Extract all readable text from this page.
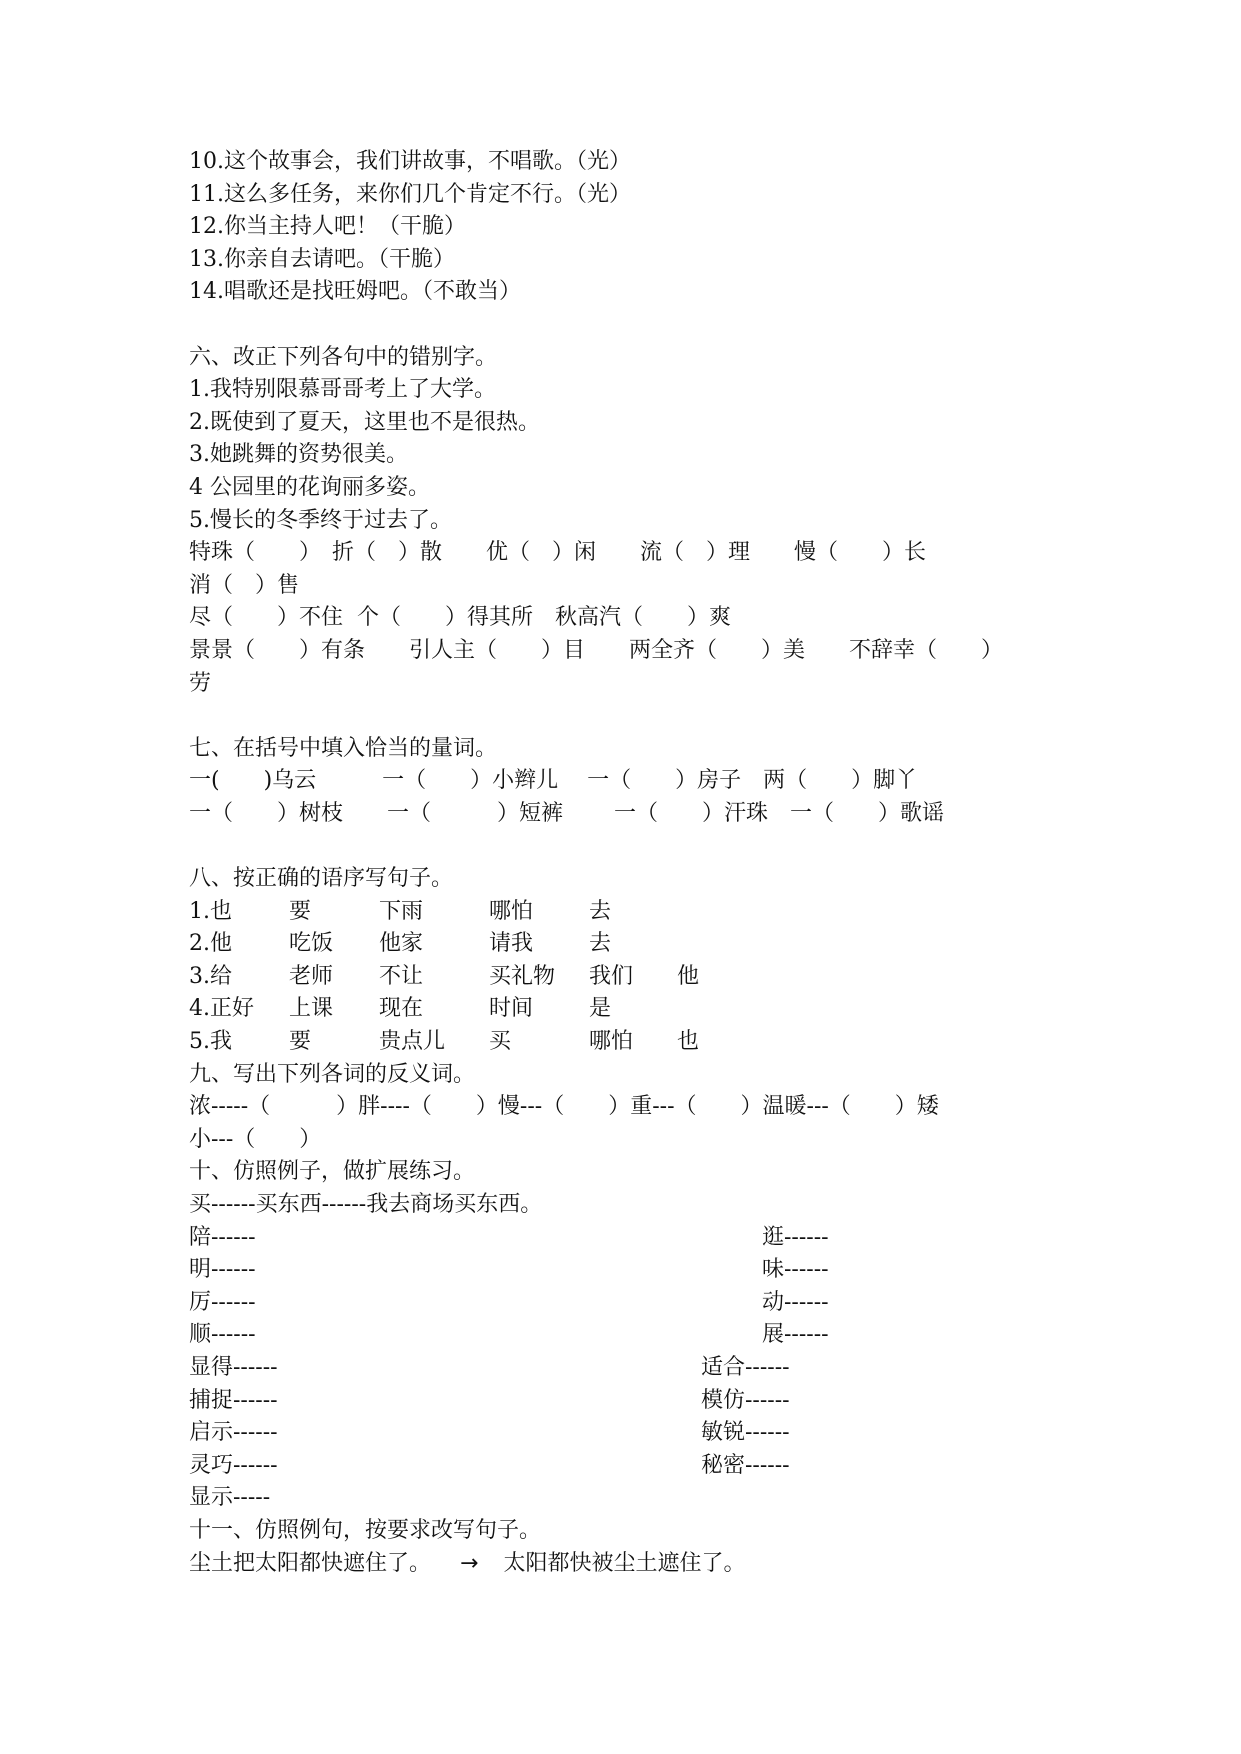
10.这个故事会，我们讲故事，不唱歌。（光）
11.这么多任务，来你们几个肯定不行。（光）
12.你当主持人吧！（干脆）
13.你亲自去请吧。（干脆）
14.唱歌还是找旺姆吧。（不敢当）
六、改正下列各句中的错别字。
1.我特别限慕哥哥考上了大学。
2.既使到了夏天，这里也不是很热。
3.她跳舞的资势很美。
4 公园里的花询丽多姿。
5.慢长的冬季终于过去了。
特珠（　　）　折（　）散　　优（　）闲　　流（　）理　　慢（　　）长
消（　）售
尽（　　）不住  个（　　）得其所　秋高汽（　　）爽
景景（　　）有条　　引人主（　　）目　　两全齐（　　）美　　不辞幸（　　）
劳
七、在括号中填入恰当的量词。
一(　　)乌云　　　一（　　）小辫儿　 一（　　）房子　两（　　）脚丫
一（　　）树枝　　一（　　　）短裤　　 一（　　）汗珠　一（　　）歌谣
八、按正确的语序写句子。
1.也	要	下雨	哪怕	去
2.他	吃饭	他家	请我	去
3.给	老师	不让	买礼物	我们	他
4.正好	上课	现在	时间	是
5.我	要	贵点儿	买	哪怕	也
九、写出下列各词的反义词。
浓-----（　　　）胖----（　　）慢---（　　）重---（　　）温暖---（　　）矮
小---（　　）
十、仿照例子，做扩展练习。
买------买东西------我去商场买东西。
陪------	逛------
明------	味------
厉------	动------
顺------	展------
显得------	适合------
捕捉------	模仿------
启示------	敏锐------
灵巧------	秘密------
显示-----
十一、仿照例句，按要求改写句子。
尘土把太阳都快遮住了。 → 太阳都快被尘土遮住了。
